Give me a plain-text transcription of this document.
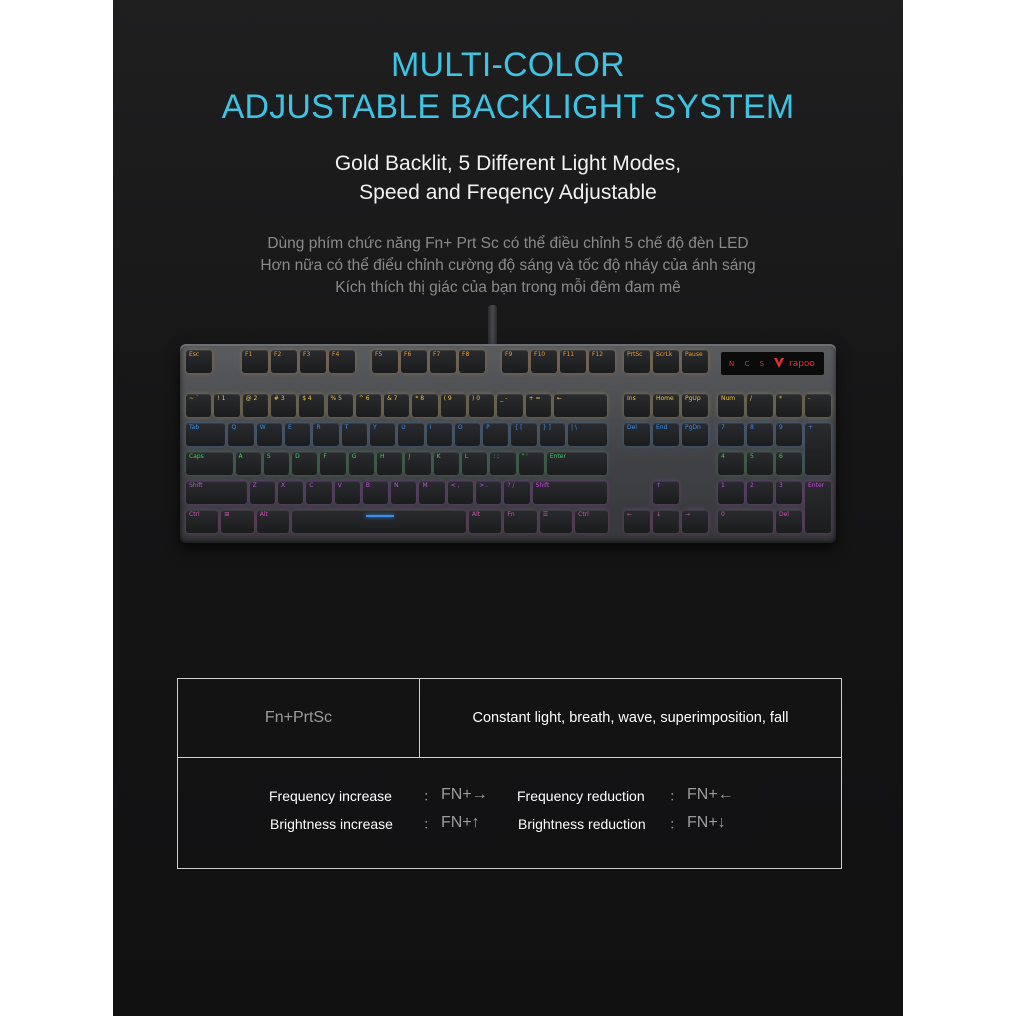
MULTI-COLOR
ADJUSTABLE BACKLIGHT SYSTEM
Gold Backlit, 5 Different Light Modes,
Speed and Freqency Adjustable
Dùng phím chức năng Fn+ Prt Sc có thể điều chỉnh 5 chế độ đèn LED
Hơn nữa có thể điểu chỉnh cường độ sáng và tốc độ nháy của ánh sáng
Kích thích thị giác của bạn trong mỗi đêm đam mê
Esc	F1	F2	F3	F4	F5	F6	F7	F8	F9	F10	F11	F12	PrtSc	ScrLk	Pause
~ `	! 1	@ 2	# 3	$ 4	% 5	^ 6	& 7	* 8	( 9	) 0	_ -	+ =	←	Ins	Home	PgUp	Num	/	*	-
Tab	Q	W	E	R	T	Y	U	I	O	P	{ [	} ]	| \	Del	End	PgDn	7	8	9	+
Caps	A	S	D	F	G	H	J	K	L	: ;	" '	Enter	4	5	6
Shift	Z	X	C	V	B	N	M	< ,	> .	? /	Shift	↑	1	2	3	Enter
Ctrl	⊞	Alt	Alt	Fn	☰	Ctrl	←	↓	→	0	Del
N C S rapoo
Fn+PrtSc	Constant light, breath, wave, superimposition, fall
Frequency increase ： FN+→ Frequency reduction ： FN+←
Brightness increase ： FN+↑	Brightness reduction ： FN+↓
